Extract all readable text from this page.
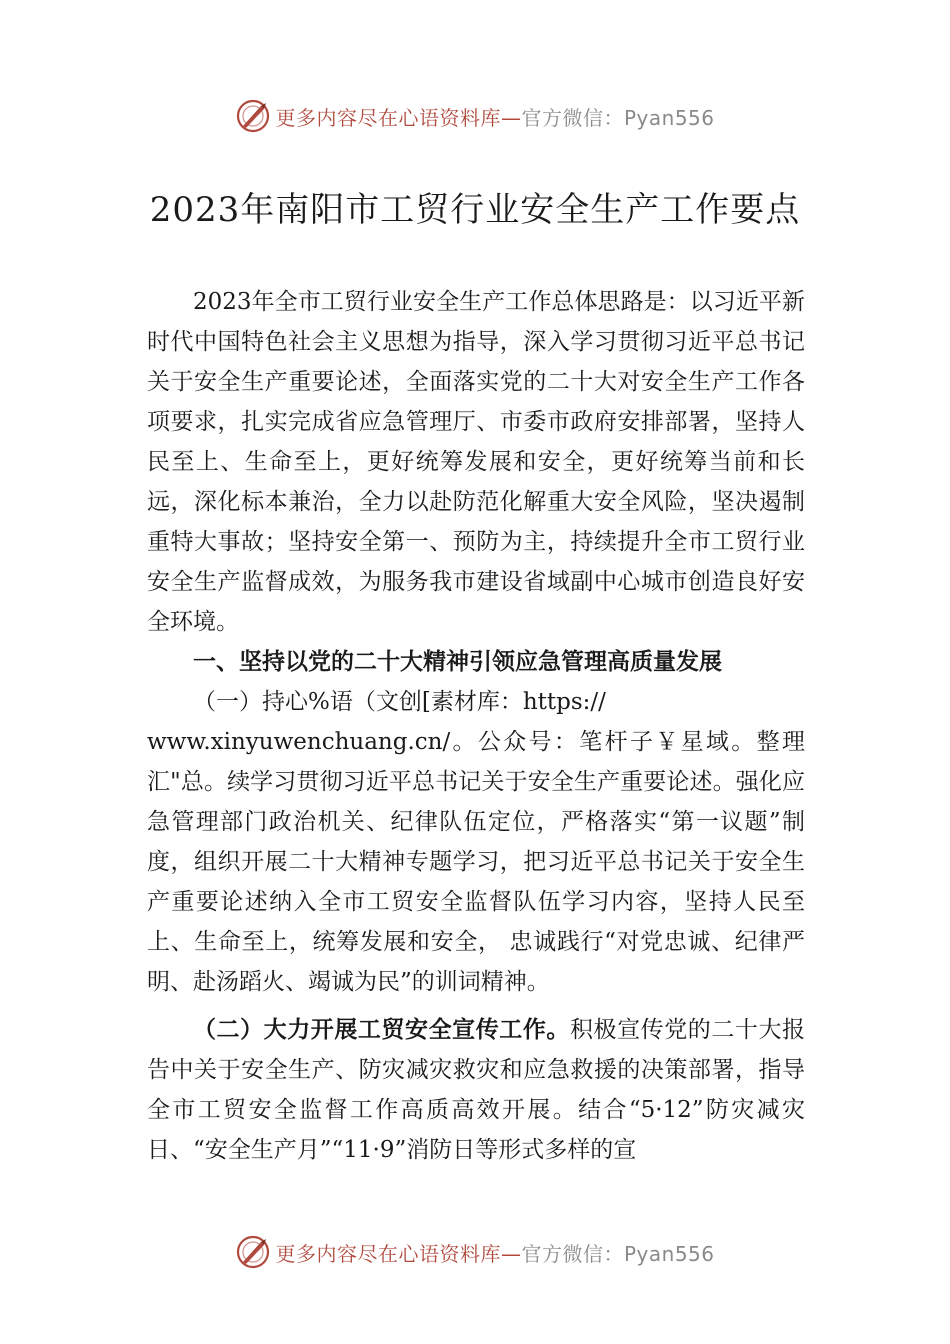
更多内容尽在心语资料库—官方微信：Pyan556
2023年南阳市工贸行业安全生产工作要点

2023年全市工贸行业安全生产工作总体思路是：以习近平新时代中国特色社会主义思想为指导，深入学习贯彻习近平总书记关于安全生产重要论述，全面落实党的二十大对安全生产工作各项要求，扎实完成省应急管理厅、市委市政府安排部署，坚持人民至上、生命至上，更好统筹发展和安全，更好统筹当前和长远，深化标本兼治，全力以赴防范化解重大安全风险，坚决遏制重特大事故；坚持安全第一、预防为主，持续提升全市工贸行业安全生产监督成效，为服务我市建设省域副中心城市创造良好安全环境。

一、坚持以党的二十大精神引领应急管理高质量发展

（一）持心%语（文创[素材库：https://

www.xinyuwenchuang.cn/。公众号：笔杆子￥星域。整理汇"总。续学习贯彻习近平总书记关于安全生产重要论述。强化应急管理部门政治机关、纪律队伍定位，严格落实“第一议题”制度，组织开展二十大精神专题学习，把习近平总书记关于安全生产重要论述纳入全市工贸安全监督队伍学习内容，坚持人民至上、生命至上，统筹发展和安全， 忠诚践行“对党忠诚、纪律严明、赴汤蹈火、竭诚为民”的训词精神。

（二）大力开展工贸安全宣传工作。积极宣传党的二十大报告中关于安全生产、防灾减灾救灾和应急救援的决策部署，指导全市工贸安全监督工作高质高效开展。结合“5·12”防灾减灾日、“安全生产月”“11·9”消防日等形式多样的宣

更多内容尽在心语资料库—官方微信：Pyan556
